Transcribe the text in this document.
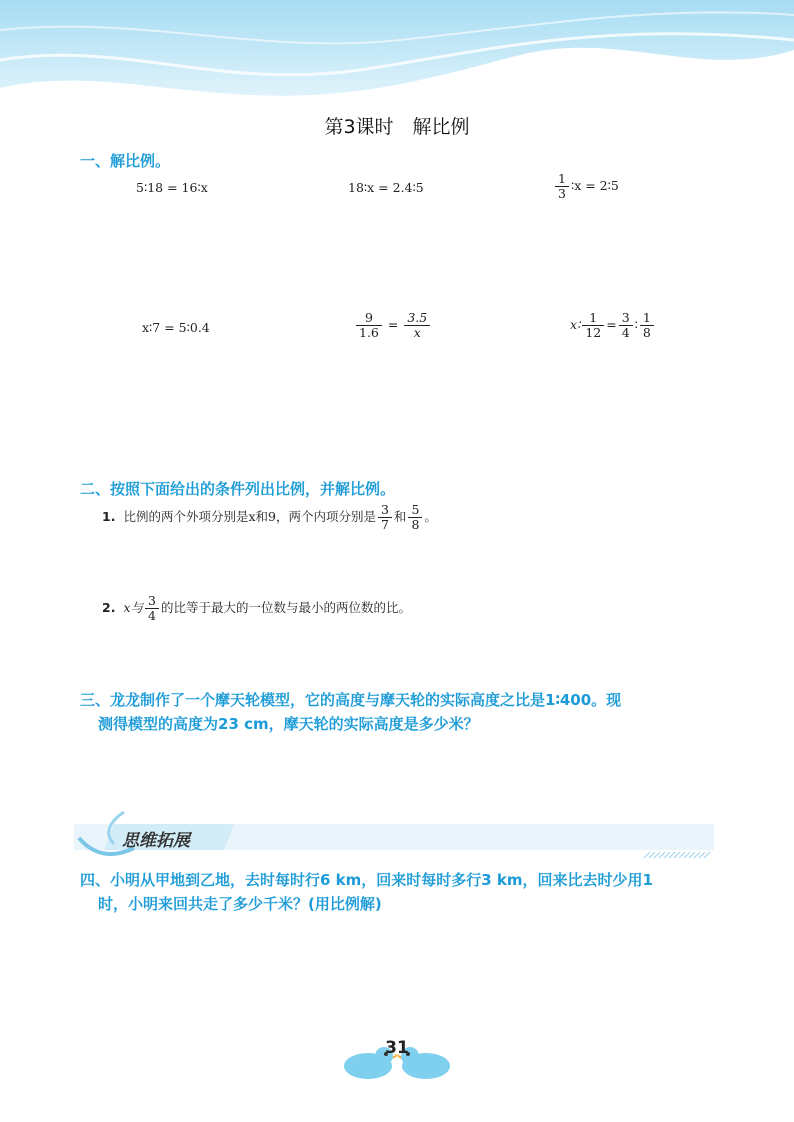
第3课时　解比例
一、解比例。
5∶18 = 16∶x	18∶x = 2.4∶5	$\frac{1}{3}$ ∶x = 2∶5
x∶7 = 5∶0.4	$\frac{9}{1.6} = \frac{3.5}{x}$	x∶ $\frac{1}{12} = \frac{3}{4}$ ∶ $\frac{1}{8}$
二、按照下面给出的条件列出比例，并解比例。
1. 比例的两个外项分别是x和9，两个内项分别是 $\frac{3}{7}$ 和 $\frac{5}{8}$ 。
2. x与 $\frac{3}{4}$ 的比等于最大的一位数与最小的两位数的比。
三、龙龙制作了一个摩天轮模型，它的高度与摩天轮的实际高度之比是1∶400。现
测得模型的高度为23 cm，摩天轮的实际高度是多少米？
思维拓展
四、小明从甲地到乙地，去时每时行6 km，回来时每时多行3 km，回来比去时少用1
时，小明来回共走了多少千米？(用比例解)
31
